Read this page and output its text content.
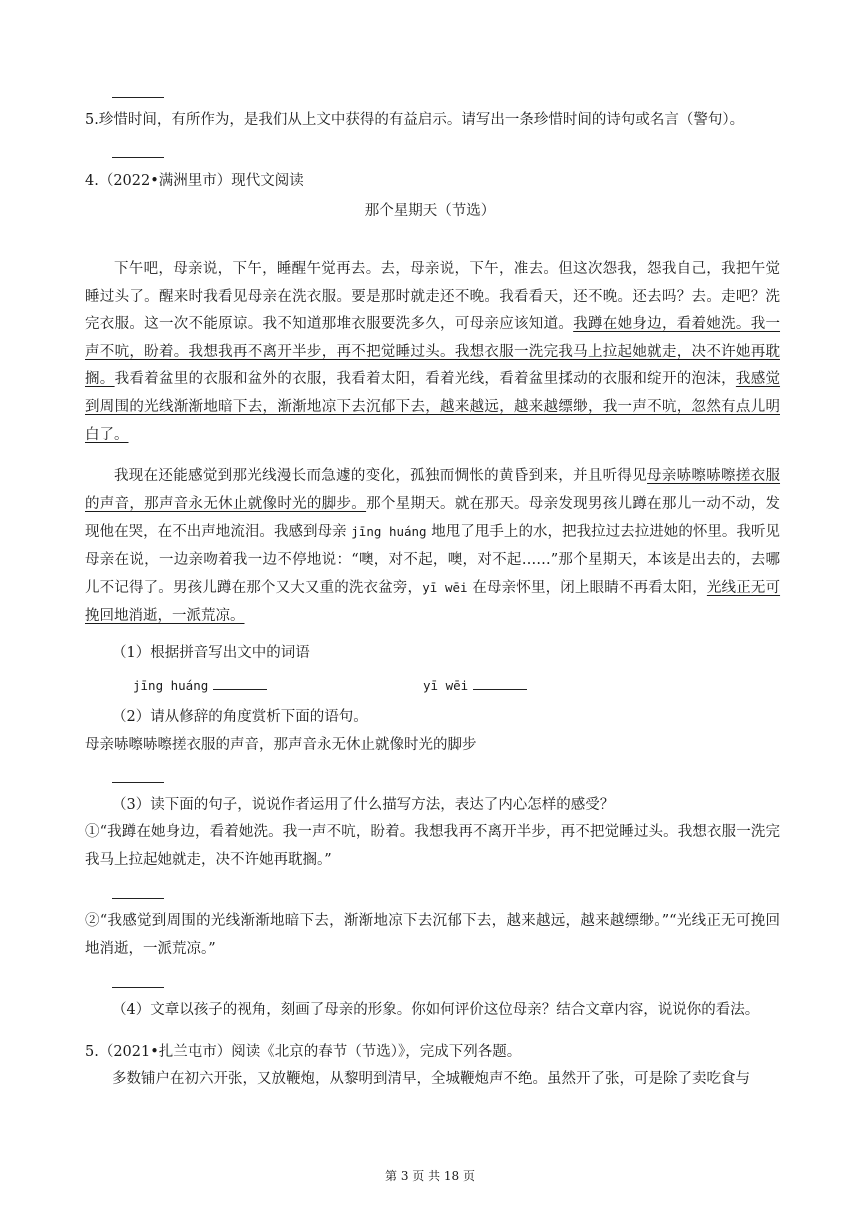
5.珍惜时间，有所作为，是我们从上文中获得的有益启示。请写出一条珍惜时间的诗句或名言（警句）。
4.（2022•满洲里市）现代文阅读
那个星期天（节选）
下午吧，母亲说，下午，睡醒午觉再去。去，母亲说，下午，准去。但这次怨我，怨我自己，我把午觉睡过头了。醒来时我看见母亲在洗衣服。要是那时就走还不晚。我看看天，还不晚。还去吗？去。走吧？洗完衣服。这一次不能原谅。我不知道那堆衣服要洗多久，可母亲应该知道。我蹲在她身边，看着她洗。我一声不吭，盼着。我想我再不离开半步，再不把觉睡过头。我想衣服一洗完我马上拉起她就走，决不许她再耽搁。我看着盆里的衣服和盆外的衣服，我看着太阳，看着光线，看着盆里揉动的衣服和绽开的泡沫，我感觉到周围的光线渐渐地暗下去，渐渐地凉下去沉郁下去，越来越远，越来越缥缈，我一声不吭，忽然有点儿明白了。
我现在还能感觉到那光线漫长而急遽的变化，孤独而惆怅的黄昏到来，并且听得见母亲哧嚓哧嚓搓衣服的声音，那声音永无休止就像时光的脚步。那个星期天。就在那天。母亲发现男孩儿蹲在那儿一动不动，发现他在哭，在不出声地流泪。我感到母亲 jīng huáng 地甩了甩手上的水，把我拉过去拉进她的怀里。我听见母亲在说，一边亲吻着我一边不停地说：“噢，对不起，噢，对不起……”那个星期天，本该是出去的，去哪儿不记得了。男孩儿蹲在那个又大又重的洗衣盆旁，yī wēi 在母亲怀里，闭上眼睛不再看太阳，光线正无可挽回地消逝，一派荒凉。
（1）根据拼音写出文中的词语
jīng huáng	yī wēi
（2）请从修辞的角度赏析下面的语句。
母亲哧嚓哧嚓搓衣服的声音，那声音永无休止就像时光的脚步
（3）读下面的句子，说说作者运用了什么描写方法，表达了内心怎样的感受？
①“我蹲在她身边，看着她洗。我一声不吭，盼着。我想我再不离开半步，再不把觉睡过头。我想衣服一洗完我马上拉起她就走，决不许她再耽搁。”
②“我感觉到周围的光线渐渐地暗下去，渐渐地凉下去沉郁下去，越来越远，越来越缥缈。”“光线正无可挽回地消逝，一派荒凉。”
（4）文章以孩子的视角，刻画了母亲的形象。你如何评价这位母亲？结合文章内容，说说你的看法。
5.（2021•扎兰屯市）阅读《北京的春节（节选）》，完成下列各题。
多数铺户在初六开张，又放鞭炮，从黎明到清早，全城鞭炮声不绝。虽然开了张，可是除了卖吃食与
第 3 页 共 18 页
